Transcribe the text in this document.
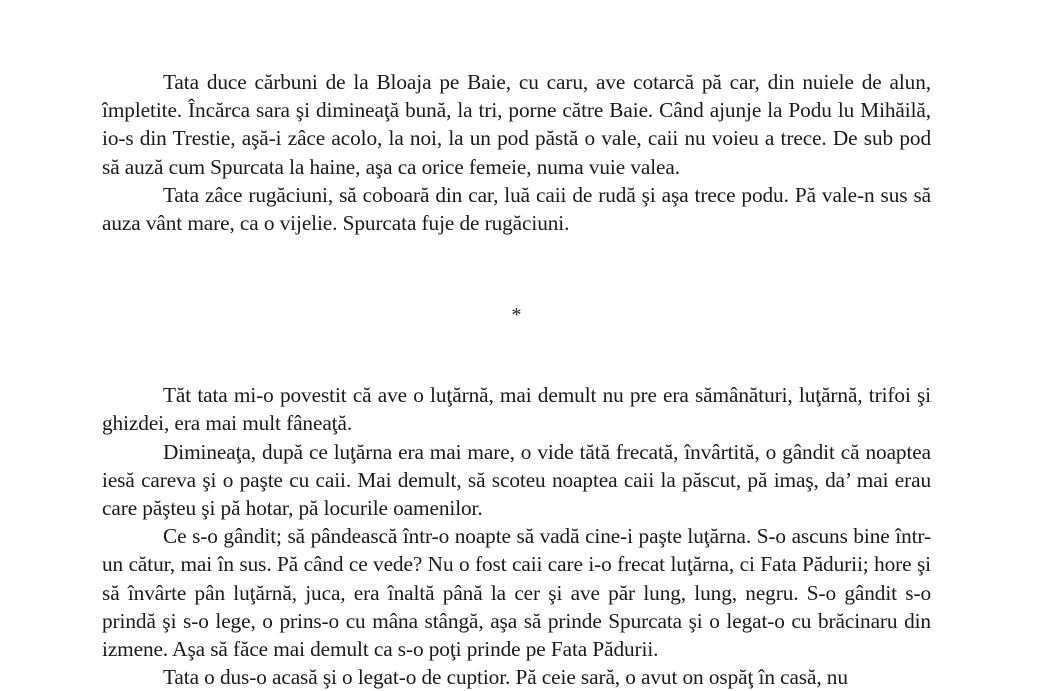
Tata duce cărbuni de la Bloaja pe Baie, cu caru, ave cotarcă pă car, din nuiele de alun, împletite. Încărca sara şi dimineaţă bună, la tri, porne către Baie. Când ajunje la Podu lu Mihăilă, io-s din Trestie, aşă-i zâce acolo, la noi, la un pod păstă o vale, caii nu voieu a trece. De sub pod să auză cum Spurcata la haine, aşa ca orice femeie, numa vuie valea.

Tata zâce rugăciuni, să coboară din car, luă caii de rudă şi aşa trece podu. Pă vale-n sus să auza vânt mare, ca o vijelie. Spurcata fuje de rugăciuni.

*

Tăt tata mi-o povestit că ave o luţărnă, mai demult nu pre era sămânături, luţărnă, trifoi şi ghizdei, era mai mult fâneaţă.

Dimineaţa, după ce luţărna era mai mare, o vide tătă frecată, învârtită, o gândit că noaptea iesă careva şi o paşte cu caii. Mai demult, să scoteu noaptea caii la păscut, pă imaş, da’ mai erau care păşteu şi pă hotar, pă locurile oamenilor.

Ce s-o gândit; să pândească într-o noapte să vadă cine-i paşte luţărna. S-o ascuns bine într-un cătur, mai în sus. Pă când ce vede? Nu o fost caii care i-o frecat luţărna, ci Fata Pădurii; hore şi să învârte pân luţărnă, juca, era înaltă până la cer şi ave păr lung, lung, negru. S-o gândit s-o prindă şi s-o lege, o prins-o cu mâna stângă, aşa să prinde Spurcata şi o legat-o cu brăcinaru din izmene. Aşa să făce mai demult ca s-o poţi prinde pe Fata Pădurii.

Tata o dus-o acasă şi o legat-o de cuptior. Pă ceie sară, o avut on ospăţ în casă, nu
